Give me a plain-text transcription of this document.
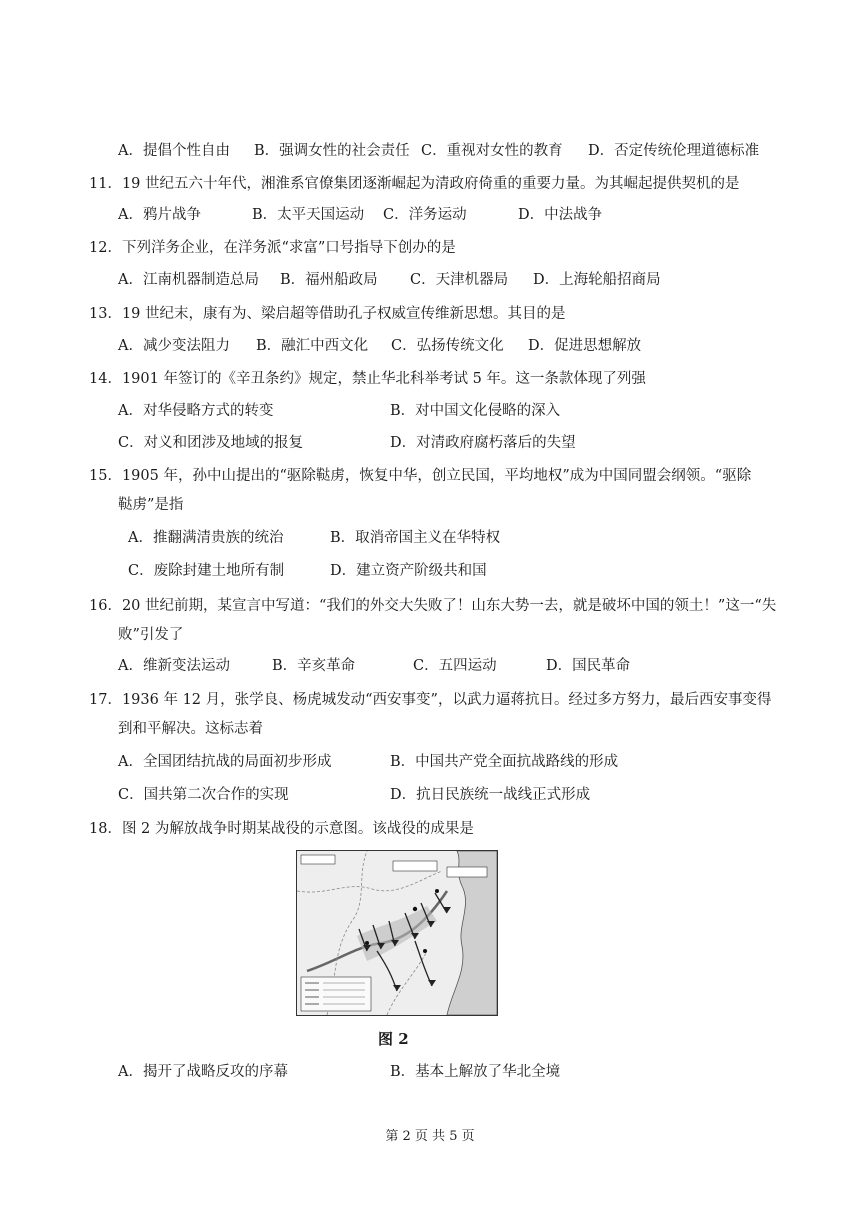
A．提倡个性自由 B．强调女性的社会责任 C．重视对女性的教育 D．否定传统伦理道德标准
11．19 世纪五六十年代，湘淮系官僚集团逐渐崛起为清政府倚重的重要力量。为其崛起提供契机的是
A．鸦片战争	B．太平天国运动 C．洋务运动	D．中法战争
12．下列洋务企业，在洋务派“求富”口号指导下创办的是
A．江南机器制造总局 B．福州船政局 C．天津机器局 D．上海轮船招商局
13．19 世纪末，康有为、梁启超等借助孔子权威宣传维新思想。其目的是
A．减少变法阻力 B．融汇中西文化 C．弘扬传统文化 D．促进思想解放
14．1901 年签订的《辛丑条约》规定，禁止华北科举考试 5 年。这一条款体现了列强
A．对华侵略方式的转变	B．对中国文化侵略的深入
C．对义和团涉及地域的报复	D．对清政府腐朽落后的失望
15．1905 年，孙中山提出的“驱除鞑虏，恢复中华，创立民国，平均地权”成为中国同盟会纲领。“驱除
鞑虏”是指
A．推翻满清贵族的统治	B．取消帝国主义在华特权
C．废除封建土地所有制	D．建立资产阶级共和国
16．20 世纪前期，某宣言中写道：“我们的外交大失败了！山东大势一去，就是破坏中国的领土！”这一“失
败”引发了
A．维新变法运动	B．辛亥革命	C．五四运动	D．国民革命
17．1936 年 12 月，张学良、杨虎城发动“西安事变”，以武力逼蒋抗日。经过多方努力，最后西安事变得
到和平解决。这标志着
A．全国团结抗战的局面初步形成	B．中国共产党全面抗战路线的形成
C．国共第二次合作的实现	D．抗日民族统一战线正式形成
18．图 2 为解放战争时期某战役的示意图。该战役的成果是
图 2
A．揭开了战略反攻的序幕	B．基本上解放了华北全境
第 2 页 共 5 页
